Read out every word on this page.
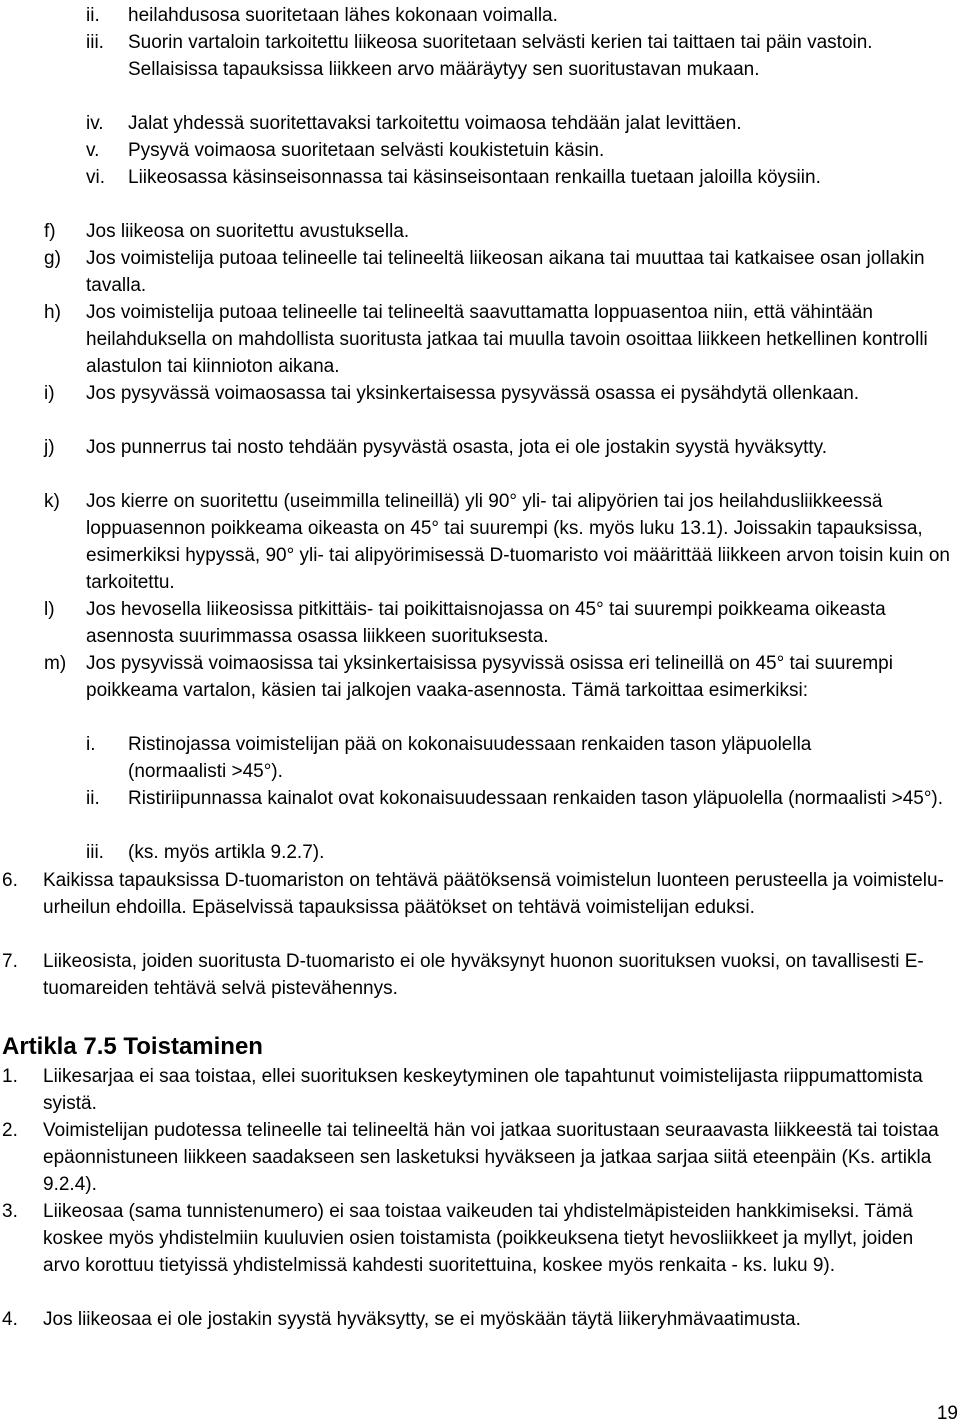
ii. heilahdusosa suoritetaan lähes kokonaan voimalla.
iii. Suorin vartaloin tarkoitettu liikeosa suoritetaan selvästi kerien tai taittaen tai päin vastoin. Sellaisissa tapauksissa liikkeen arvo määräytyy sen suoritustavan mukaan.
iv. Jalat yhdessä suoritettavaksi tarkoitettu voimaosa tehdään jalat levittäen.
v. Pysyvä voimaosa suoritetaan selvästi koukistetuin käsin.
vi. Liikeosassa käsinseisonnassa tai käsinseisontaan renkailla tuetaan jaloilla köysiin.
f) Jos liikeosa on suoritettu avustuksella.
g) Jos voimistelija putoaa telineelle tai telineeltä liikeosan aikana tai muuttaa tai katkaisee osan jollakin tavalla.
h) Jos voimistelija putoaa telineelle tai telineeltä saavuttamatta loppuasentoa niin, että vähintään heilahduksella on mahdollista suoritusta jatkaa tai muulla tavoin osoittaa liikkeen hetkellinen kontrolli alastulon tai kiinnioton aikana.
i) Jos pysyvässä voimaosassa tai yksinkertaisessa pysyvässä osassa ei pysähdytä ollenkaan.
j) Jos punnerrus tai nosto tehdään pysyvästä osasta, jota ei ole jostakin syystä hyväksytty.
k) Jos kierre on suoritettu (useimmilla telineillä) yli 90° yli- tai alipyörien tai jos heilahdusliikkeessä loppuasennon poikkeama oikeasta on 45° tai suurempi (ks. myös luku 13.1). Joissakin tapauksissa, esimerkiksi hypyssä, 90° yli- tai alipyörimisessä D-tuomaristo voi määrittää liikkeen arvon toisin kuin on tarkoitettu.
l) Jos hevosella liikeosissa pitkittäis- tai poikittaisnojassa on 45° tai suurempi poikkeama oikeasta asennosta suurimmassa osassa liikkeen suorituksesta.
m) Jos pysyvissä voimaosissa tai yksinkertaisissa pysyvissä osissa eri telineillä on 45° tai suurempi poikkeama vartalon, käsien tai jalkojen vaaka-asennosta. Tämä tarkoittaa esimerkiksi:
i. Ristinojassa voimistelijan pää on kokonaisuudessaan renkaiden tason yläpuolella (normaalisti >45°).
ii. Ristiriipunnassa kainalot ovat kokonaisuudessaan renkaiden tason yläpuolella (normaalisti >45°).
iii. (ks. myös artikla 9.2.7).
6. Kaikissa tapauksissa D-tuomariston on tehtävä päätöksensä voimistelun luonteen perusteella ja voimistelu-urheilun ehdoilla. Epäselvissä tapauksissa päätökset on tehtävä voimistelijan eduksi.
7. Liikeosista, joiden suoritusta D-tuomaristo ei ole hyväksynyt huonon suorituksen vuoksi, on tavallisesti E-tuomareiden tehtävä selvä pistevähennys.
Artikla 7.5 Toistaminen
1. Liikesarjaa ei saa toistaa, ellei suorituksen keskeytyminen ole tapahtunut voimistelijasta riippumattomista syistä.
2. Voimistelijan pudotessa telineelle tai telineeltä hän voi jatkaa suoritustaan seuraavasta liikkeestä tai toistaa epäonnistuneen liikkeen saadakseen sen lasketuksi hyväkseen ja jatkaa sarjaa siitä eteenpäin (Ks. artikla 9.2.4).
3. Liikeosaa (sama tunnistenumero) ei saa toistaa vaikeuden tai yhdistelmäpisteiden hankkimiseksi. Tämä koskee myös yhdistelmiin kuuluvien osien toistamista (poikkeuksena tietyt hevosliikkeet ja myllyt, joiden arvo korottuu tietyissä yhdistelmissä kahdesti suoritettuina, koskee myös renkaita - ks. luku 9).
4. Jos liikeosaa ei ole jostakin syystä hyväksytty, se ei myöskään täytä liikeryhmävaatimusta.
19
